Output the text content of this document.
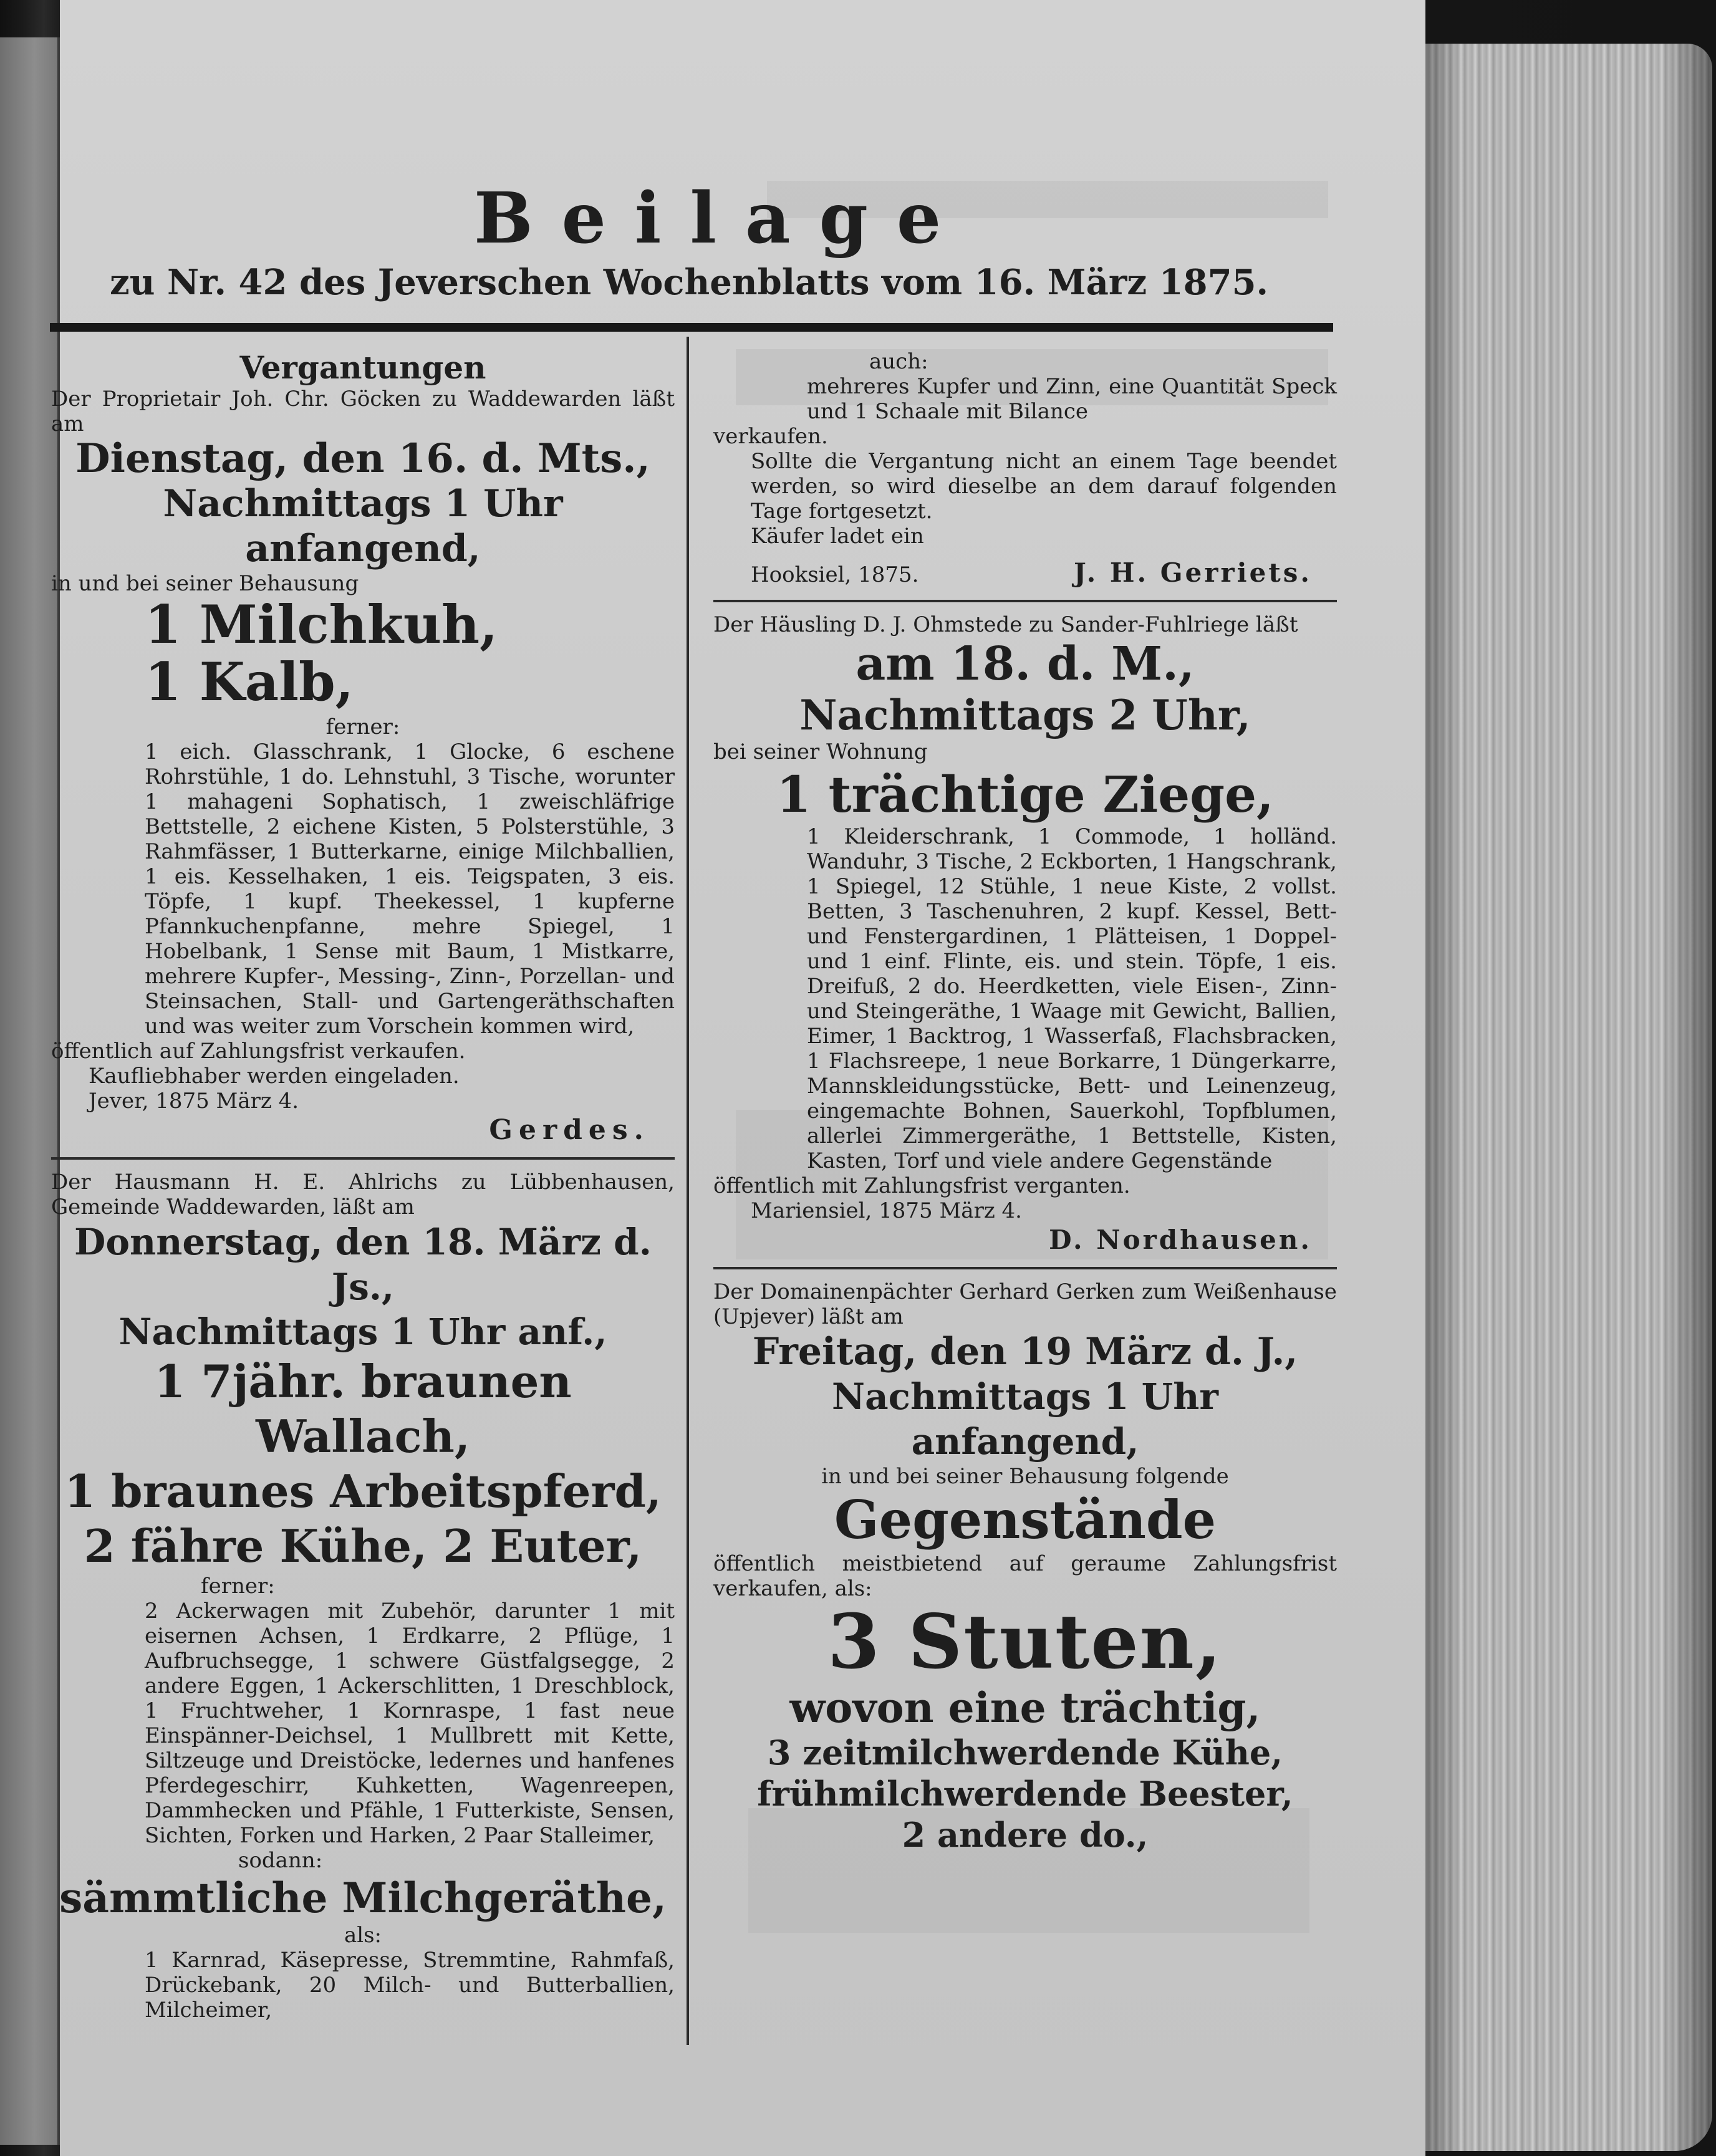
Beilage
zu Nr. 42 des Jeverschen Wochenblatts vom 16. März 1875.
Vergantungen
Der Proprietair Joh. Chr. Göcken zu Waddewarden läßt am
Dienstag, den 16. d. Mts.,
Nachmittags 1 Uhr anfangend,
in und bei seiner Behausung
1 Milchkuh,
1 Kalb,
ferner:
1 eich. Glasschrank, 1 Glocke, 6 eschene Rohrstühle, 1 do. Lehnstuhl, 3 Tische, worunter 1 mahageni Sophatisch, 1 zweischläfrige Bettstelle, 2 eichene Kisten, 5 Polsterstühle, 3 Rahmfässer, 1 Butterkarne, einige Milchballien, 1 eis. Kesselhaken, 1 eis. Teigspaten, 3 eis. Töpfe, 1 kupf. Theekessel, 1 kupferne Pfannkuchenpfanne, mehre Spiegel, 1 Hobelbank, 1 Sense mit Baum, 1 Mistkarre, mehrere Kupfer-, Messing-, Zinn-, Porzellan- und Steinsachen, Stall- und Gartengeräthschaften und was weiter zum Vorschein kommen wird,
öffentlich auf Zahlungsfrist verkaufen.
Kaufliebhaber werden eingeladen.
Jever, 1875 März 4.
Gerdes.
Der Hausmann H. E. Ahlrichs zu Lübbenhausen, Gemeinde Waddewarden, läßt am
Donnerstag, den 18. März d. Js.,
Nachmittags 1 Uhr anf.,
1 7jähr. braunen Wallach,
1 braunes Arbeitspferd,
2 fähre Kühe, 2 Euter,
ferner:
2 Ackerwagen mit Zubehör, darunter 1 mit eisernen Achsen, 1 Erdkarre, 2 Pflüge, 1 Aufbruchsegge, 1 schwere Güstfalgsegge, 2 andere Eggen, 1 Ackerschlitten, 1 Dreschblock, 1 Fruchtweher, 1 Kornraspe, 1 fast neue Einspänner-Deichsel, 1 Mullbrett mit Kette, Siltzeuge und Dreistöcke, ledernes und hanfenes Pferdegeschirr, Kuhketten, Wagenreepen, Dammhecken und Pfähle, 1 Futterkiste, Sensen, Sichten, Forken und Harken, 2 Paar Stalleimer,
sodann:
sämmtliche Milchgeräthe,
als:
1 Karnrad, Käsepresse, Stremmtine, Rahmfaß, Drückebank, 20 Milch- und Butterballien, Milcheimer,
auch:
mehreres Kupfer und Zinn, eine Quantität Speck und 1 Schaale mit Bilance
verkaufen.
Sollte die Vergantung nicht an einem Tage beendet werden, so wird dieselbe an dem darauf folgenden Tage fortgesetzt.
Käufer ladet ein
Hooksiel, 1875.	J. H. Gerriets.
Der Häusling D. J. Ohmstede zu Sander-Fuhlriege läßt
am 18. d. M.,
Nachmittags 2 Uhr,
bei seiner Wohnung
1 trächtige Ziege,
1 Kleiderschrank, 1 Commode, 1 holländ. Wanduhr, 3 Tische, 2 Eckborten, 1 Hangschrank, 1 Spiegel, 12 Stühle, 1 neue Kiste, 2 vollst. Betten, 3 Taschenuhren, 2 kupf. Kessel, Bett- und Fenstergardinen, 1 Plätteisen, 1 Doppel- und 1 einf. Flinte, eis. und stein. Töpfe, 1 eis. Dreifuß, 2 do. Heerdketten, viele Eisen-, Zinn- und Steingeräthe, 1 Waage mit Gewicht, Ballien, Eimer, 1 Backtrog, 1 Wasserfaß, Flachsbracken, 1 Flachsreepe, 1 neue Borkarre, 1 Düngerkarre, Mannskleidungsstücke, Bett- und Leinenzeug, eingemachte Bohnen, Sauerkohl, Topfblumen, allerlei Zimmergeräthe, 1 Bettstelle, Kisten, Kasten, Torf und viele andere Gegenstände
öffentlich mit Zahlungsfrist verganten.
Mariensiel, 1875 März 4.
D. Nordhausen.
Der Domainenpächter Gerhard Gerken zum Weißenhause (Upjever) läßt am
Freitag, den 19 März d. J.,
Nachmittags 1 Uhr anfangend,
in und bei seiner Behausung folgende
Gegenstände
öffentlich meistbietend auf geraume Zahlungsfrist verkaufen, als:
3 Stuten,
wovon eine trächtig,
3 zeitmilchwerdende Kühe,
frühmilchwerdende Beester,
2 andere do.,
